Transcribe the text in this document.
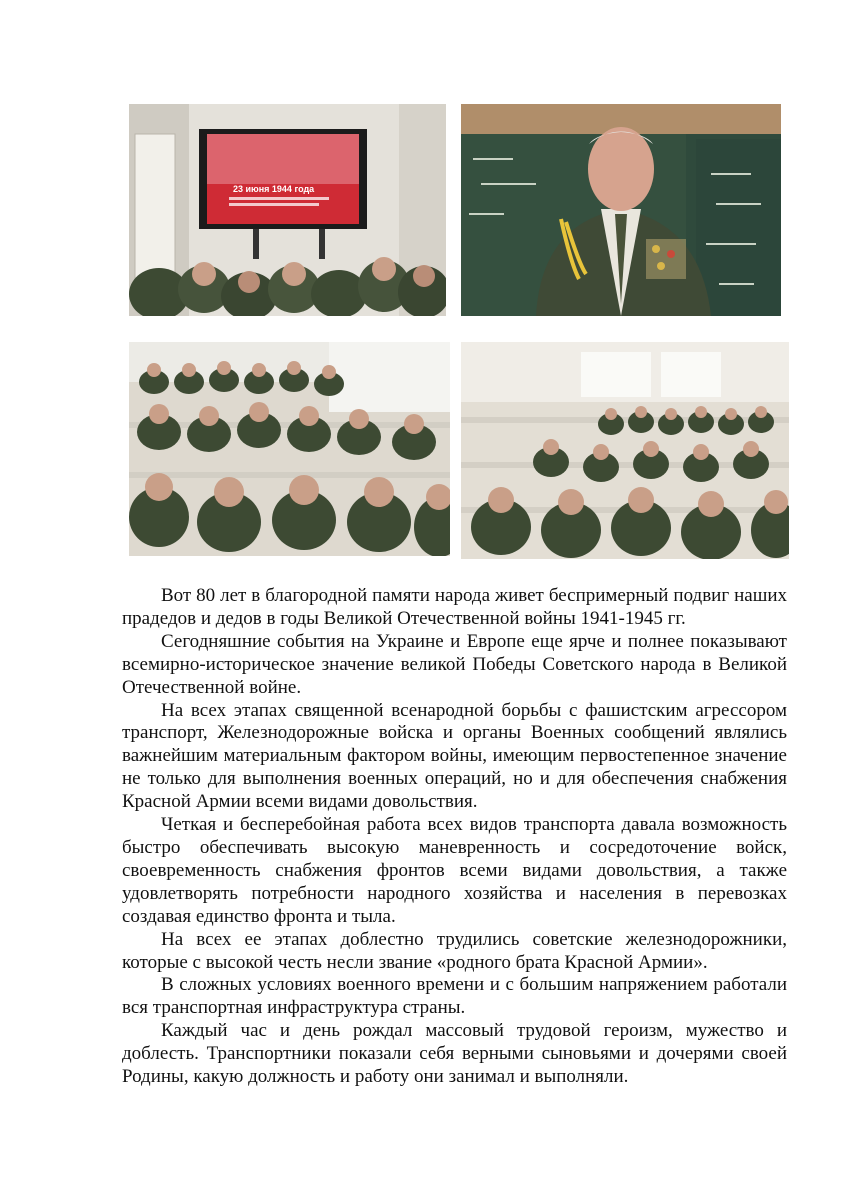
23 июня 1944 года

Вот 80 лет в благородной памяти народа живет беспримерный подвиг наших прадедов и дедов в годы Великой Отечественной войны 1941-1945 гг.

Сегодняшние события на Украине и Европе еще ярче и полнее показывают всемирно-историческое значение великой Победы Советского народа в Великой Отечественной войне.

На всех этапах священной всенародной борьбы с фашистским агрессором транспорт, Железнодорожные войска и органы Военных сообщений являлись важнейшим материальным фактором войны, имеющим первостепенное значение не только для выполнения военных операций, но и для обеспечения снабжения Красной Армии всеми видами довольствия.

Четкая и бесперебойная работа всех видов транспорта давала возможность быстро обеспечивать высокую маневренность и сосредоточение войск, своевременность снабжения фронтов всеми видами довольствия, а также удовлетворять потребности народного хозяйства и населения в перевозках создавая единство фронта и тыла.

На всех ее этапах доблестно трудились советские железнодорожники, которые с высокой честь несли звание «родного брата Красной Армии».

В сложных условиях военного времени и с большим напряжением работали вся транспортная инфраструктура страны.

Каждый час и день рождал массовый трудовой героизм, мужество и доблесть. Транспортники показали себя верными сыновьями и дочерями своей Родины, какую должность и работу они занимал и выполняли.
